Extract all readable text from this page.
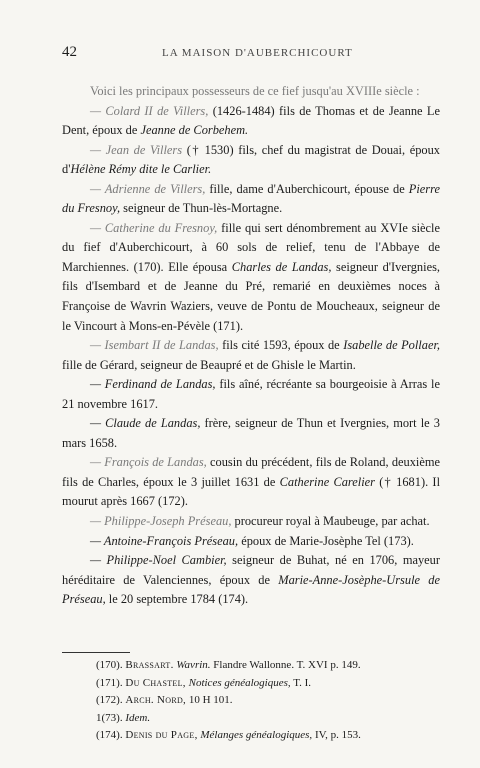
42	LA MAISON D'AUBERCHICOURT

Voici les principaux possesseurs de ce fief jusqu'au XVIIIe siècle :

— Colard II de Villers, (1426-1484) fils de Thomas et de Jeanne Le Dent, époux de Jeanne de Corbehem.

— Jean de Villers († 1530) fils, chef du magistrat de Douai, époux d'Hélène Rémy dite le Carlier.

— Adrienne de Villers, fille, dame d'Auberchicourt, épouse de Pierre du Fresnoy, seigneur de Thun-lès-Mortagne.

— Catherine du Fresnoy, fille qui sert dénombrement au XVIe siècle du fief d'Auberchicourt, à 60 sols de relief, tenu de l'Abbaye de Marchiennes. (170). Elle épousa Charles de Landas, seigneur d'Ivergnies, fils d'Isembard et de Jeanne du Pré, remarié en deuxièmes noces à Françoise de Wavrin Waziers, veuve de Pontu de Moucheaux, seigneur de le Vincourt à Mons-en-Pévèle (171).

— Isembart II de Landas, fils cité 1593, époux de Isabelle de Pollaer, fille de Gérard, seigneur de Beaupré et de Ghisle le Martin.

— Ferdinand de Landas, fils aîné, récréante sa bourgeoisie à Arras le 21 novembre 1617.

— Claude de Landas, frère, seigneur de Thun et Ivergnies, mort le 3 mars 1658.

— François de Landas, cousin du précédent, fils de Roland, deuxième fils de Charles, époux le 3 juillet 1631 de Catherine Carelier († 1681). Il mourut après 1667 (172).

— Philippe-Joseph Préseau, procureur royal à Maubeuge, par achat.

— Antoine-François Préseau, époux de Marie-Josèphe Tel (173).

— Philippe-Noel Cambier, seigneur de Buhat, né en 1706, mayeur héréditaire de Valenciennes, époux de Marie-Anne-Josèphe-Ursule de Préseau, le 20 septembre 1784 (174).

(170). Brassart. Wavrin. Flandre Wallonne. T. XVI p. 149.
(171). Du Chastel, Notices généalogiques, T. I.
(172). Arch. Nord, 10 H 101.
1(73). Idem.
(174). Denis du Page, Mélanges généalogiques, IV, p. 153.
